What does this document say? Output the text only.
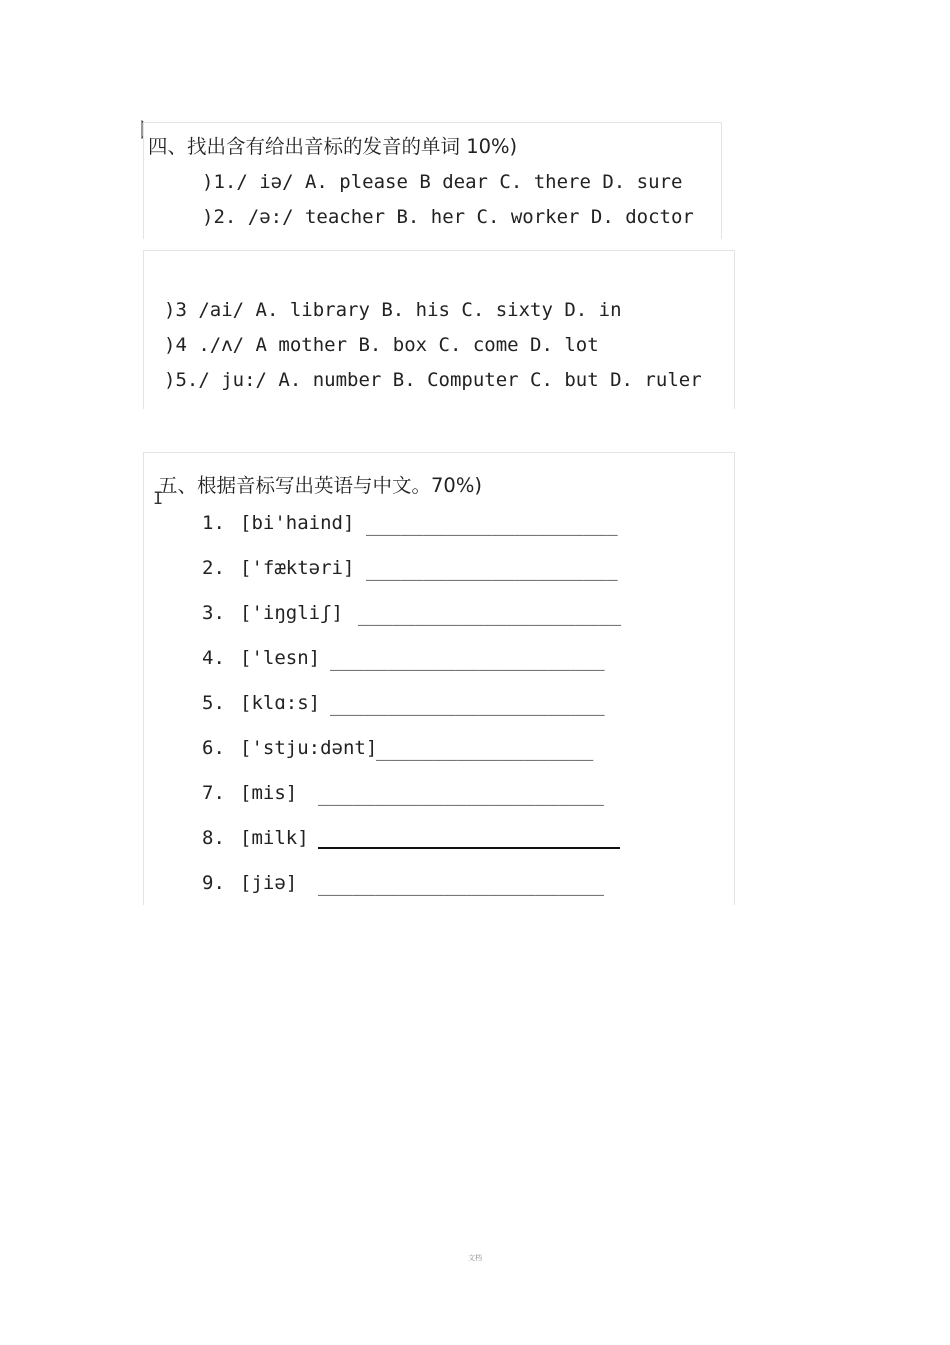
四、找出含有给出音标的发音的单词 10%)
)1./ iə/ A. please B dear C. there D. sure
)2. /ə:/ teacher B. her C. worker D. doctor
)3 /ai/ A. library B. his C. sixty D. in
)4 ./ʌ/ A mother B. box C. come D. lot
)5./ ju:/ A. number B. Computer C. but D. ruler
五、根据音标写出英语与中文。70%)
1. [bi'haind] ______________________
2. ['fæktəri] ______________________
3. ['iŋgliʃ] _______________________
4. ['lesn] ________________________
5. [klɑ:s] ________________________
6. ['stju:dənt]
___________________
7. [mis] _________________________
8. [milk]
9. [jiə] _________________________
I
文档
